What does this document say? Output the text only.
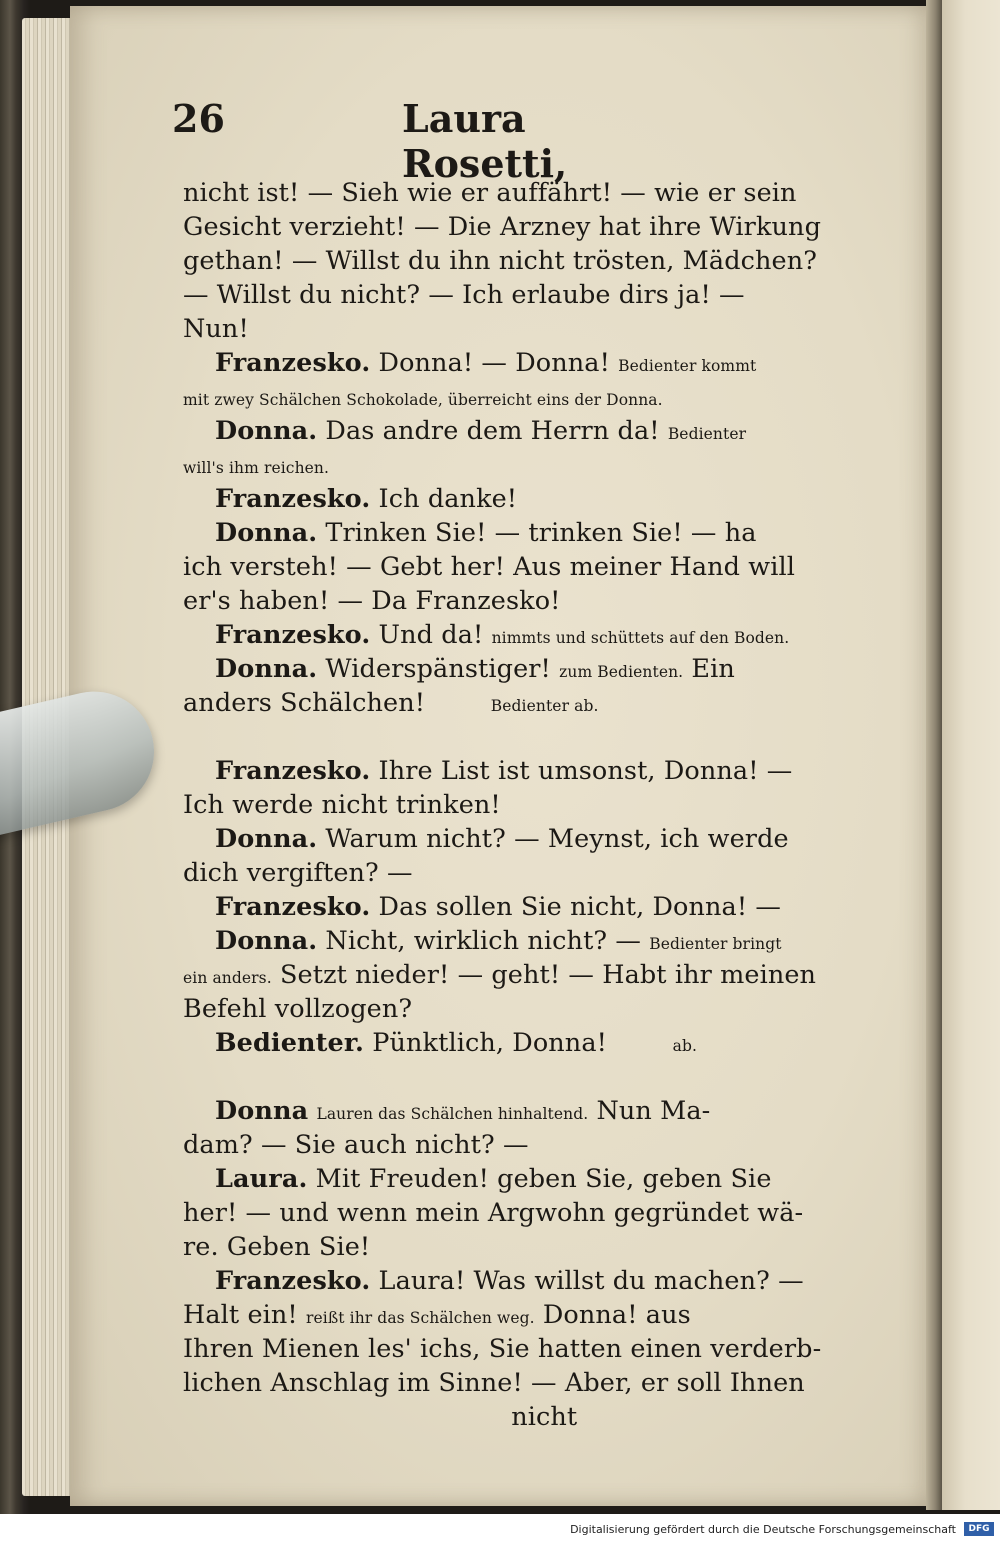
26	Laura Rosetti,
nicht ist! — Sieh wie er auffährt! — wie er sein
Gesicht verzieht! — Die Arzney hat ihre Wirkung
gethan! — Willst du ihn nicht trösten, Mädchen?
— Willst du nicht? — Ich erlaube dirs ja! —
Nun!
Franzesko. Donna! — Donna! Bedienter kommt
mit zwey Schälchen Schokolade, überreicht eins der Donna.
Donna. Das andre dem Herrn da! Bedienter
will's ihm reichen.
Franzesko. Ich danke!
Donna. Trinken Sie! — trinken Sie! — ha
ich versteh! — Gebt her! Aus meiner Hand will
er's haben! — Da Franzesko!
Franzesko. Und da! nimmts und schüttets auf den Boden.
Donna. Widerspänstiger! zum Bedienten. Ein
anders Schälchen!        Bedienter ab.
Franzesko. Ihre List ist umsonst, Donna! —
Ich werde nicht trinken!
Donna. Warum nicht? — Meynst, ich werde
dich vergiften? —
Franzesko. Das sollen Sie nicht, Donna! —
Donna. Nicht, wirklich nicht? — Bedienter bringt
ein anders. Setzt nieder! — geht! — Habt ihr meinen
Befehl vollzogen?
Bedienter. Pünktlich, Donna!        ab.
Donna Lauren das Schälchen hinhaltend. Nun Ma-
dam? — Sie auch nicht? —
Laura. Mit Freuden! geben Sie, geben Sie
her! — und wenn mein Argwohn gegründet wä-
re. Geben Sie!
Franzesko. Laura! Was willst du machen? —
Halt ein! reißt ihr das Schälchen weg. Donna! aus
Ihren Mienen les' ichs, Sie hatten einen verderb-
lichen Anschlag im Sinne! — Aber, er soll Ihnen
nicht
Digitalisierung gefördert durch die Deutsche Forschungsgemeinschaft	DFG
